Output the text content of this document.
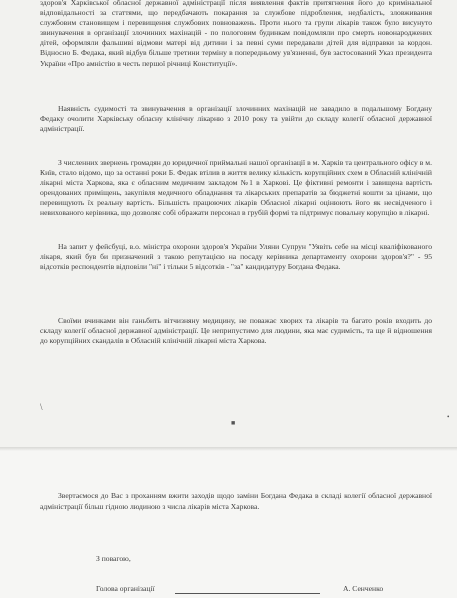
здоров'я Харківської обласної державної адміністрації після виявлення фактів притягнення його до кримінальної відповідальності за статтями, що передбачають покарання за службове підроблення, недбалість, зловживання службовим становищем і перевищення службових повноважень. Проти нього та групи лікарів також було висунуто звинувачення в організації злочинних махінацій - по пологовим будинкам повідомляли про смерть новонароджених дітей, оформляли фальшиві відмови матері від дитини і за певні суми передавали дітей для відправки за кордон. Відносно Б. Федака, який відбув більше третини терміну в попередньому ув'язненні, був застосований Указ президента України «Про амністію в честь першої річниці Конституції».

Наявність судимості та звинувачення в організації злочинних махінацій не завадило в подальшому Богдану Федаку очолити Харківську обласну клінічну лікарню з 2010 року та увійти до складу колегії обласної державної адміністрації.

З численних звернень громадян до юридичної приймальні нашої організації в м. Харків та центрального офісу в м. Київ, стало відомо, що за останні роки Б. Федак втілив в життя велику кількість корупційних схем в Обласній клінічній лікарні міста Харкова, яка є обласним медичним закладом №1 в Харкові. Це фіктивні ремонти і завищена вартість орендованих приміщень, закупівля медичного обладнання та лікарських препаратів за бюджетні кошти за цінами, що перевищують їх реальну вартість. Більшість працюючих лікарів Обласної лікарні оцінюють його як несвідченого і невихованого керівника, що дозволяє собі ображати персонал в грубій формі та підтримує повальну корупцію в лікарні.

На запит у фейсбуці, в.о. міністра охорони здоров'я України Уляни Супрун "Уявіть себе на місці кваліфікованого лікаря, який був би призначений з такою репутацією на посаду керівника департаменту охорони здоров'я?" - 95 відсотків респондентів відповіли "ні" і тільки 5 відсотків - "за" кандидатуру Богдана Федака.

Своїми вчинками він ганьбить вітчизняну медицину, не поважає хворих та лікарів та багато років входить до складу колегії обласної державної адміністрації. Це неприпустимо для людини, яка має судимість, та ще й відношення до корупційних скандалів в Обласній клінічній лікарні міста Харкова.

\
■
•

Звертаємося до Вас з проханням вжити заходів щодо заміни Богдана Федака в складі колегії обласної державної адміністрації більш гідною людиною з числа лікарів міста Харкова.

З повагою,
Голова організації	А. Сенченко
